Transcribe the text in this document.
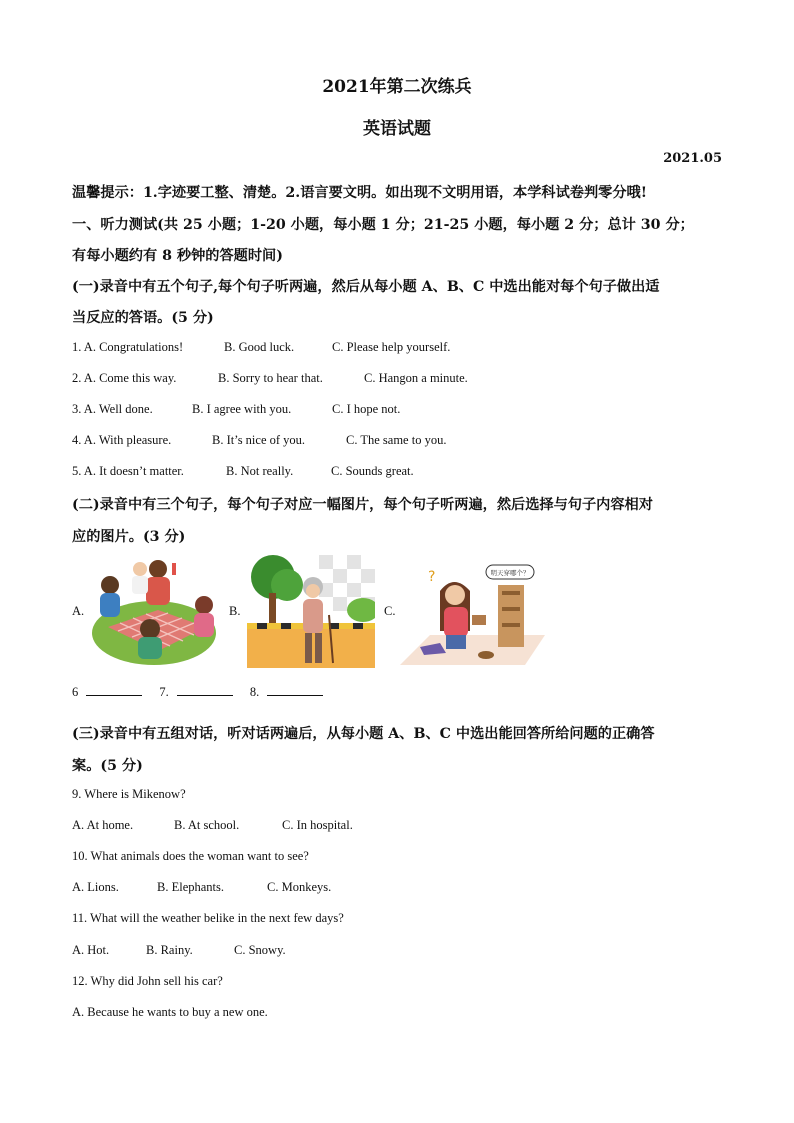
2021年第二次练兵
英语试题
2021.05
温馨提示：1.字迹要工整、清楚。2.语言要文明。如出现不文明用语，本学科试卷判零分哦!
一、听力测试(共 25 小题；1-20 小题，每小题 1 分；21-25 小题，每小题 2 分；总计 30 分；
有每小题约有 8 秒钟的答题时间)
(一)录音中有五个句子,每个句子听两遍，然后从每小题 A、B、C 中选出能对每个句子做出适
当反应的答语。(5 分)
1. A. Congratulations!	B. Good luck.	C. Please help yourself.
2. A. Come this way.	B. Sorry to hear that.	C. Hangon a minute.
3. A. Well done.	B. I agree with you.	C. I hope not.
4. A. With pleasure.	B. It’s nice of you.	C. The same to you.
5. A. It doesn’t matter.	B. Not really.	C. Sounds great.
(二)录音中有三个句子，每个句子对应一幅图片，每个句子听两遍，然后选择与句子内容相对
应的图片。(3 分)
A.	B.	C.
明天穿哪个？
?
6	7.	8.
(三)录音中有五组对话，听对话两遍后，从每小题 A、B、C 中选出能回答所给问题的正确答
案。(5 分)
9. Where is Mikenow?
A. At home.	B. At school.	C. In hospital.
10. What animals does the woman want to see?
A. Lions.	B. Elephants.	C. Monkeys.
11. What will the weather belike in the next few days?
A. Hot.	B. Rainy.	C. Snowy.
12. Why did John sell his car?
A. Because he wants to buy a new one.
